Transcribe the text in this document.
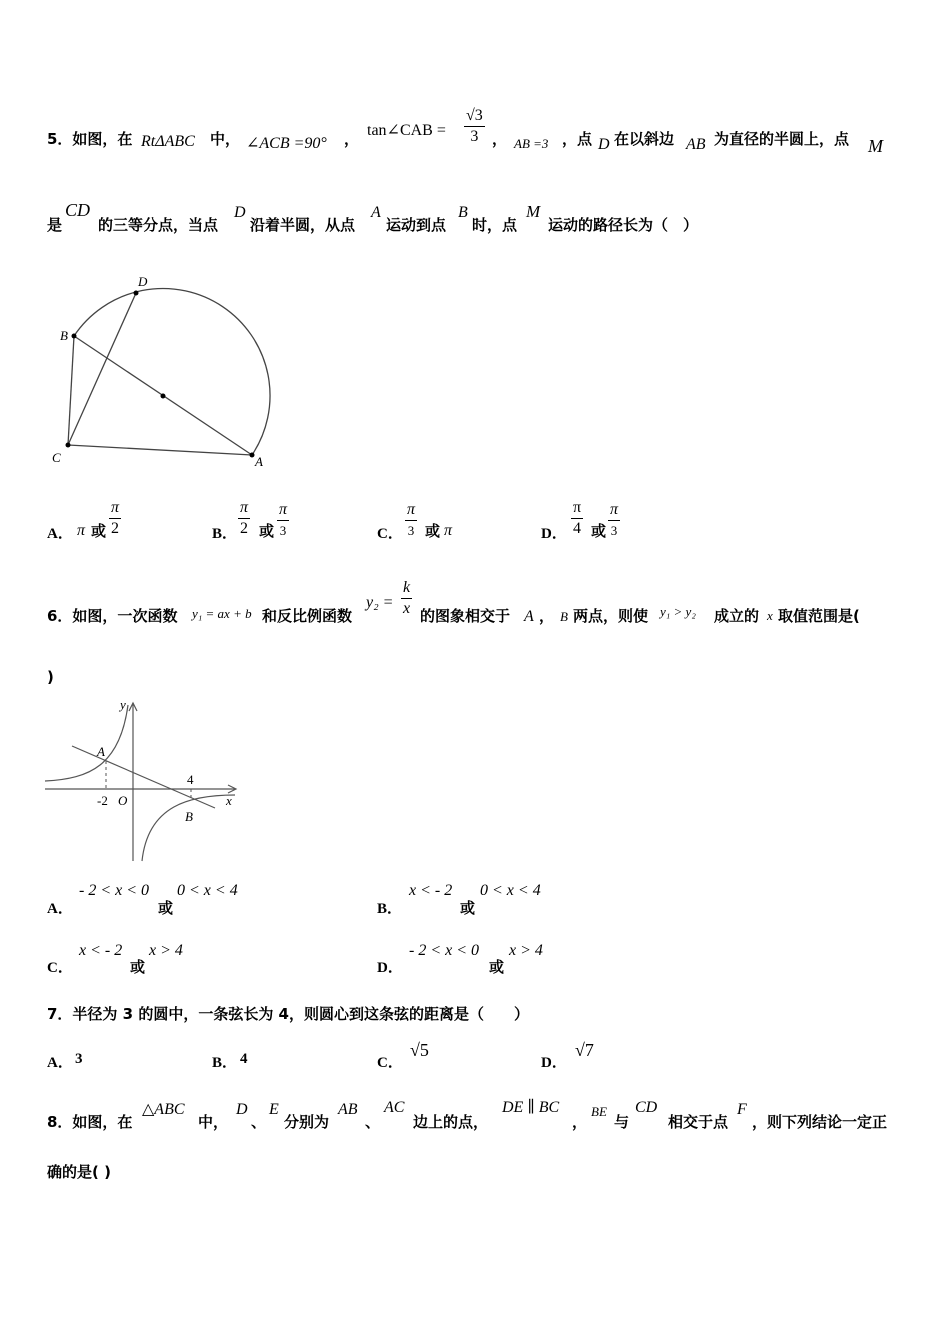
5．如图，在 RtΔABC 中， ∠ACB =90° ， tan∠CAB = $\frac{√3}{3}$ ， AB =3 ，点 D 在以斜边 AB 为直径的半圆上，点 M
是
CD
的三等分点，当点
D
沿着半圆，从点
A
运动到点
B
时，点
M
运动的路径长为（　）
D
B
C	A
A． π 或 $\frac{\pi}{2}$	B． $\frac{\pi}{2}$ 或
π
3	C．
π
3 或 π	D． $\frac{\pi}{4}$ 或
π
3
6．如图，一次函数 y₁ = ax + b 和反比例函数
$y_2 = \frac{k}{x}$ 的图象相交于 A ， B 两点，则使 y₁ > y₂ 成立的 x 取值范围是(
)
y
x
A
B
O
-2
4
A．
- 2 < x < 0
或
0 < x < 4
B．
x < - 2
或
0 < x < 4
C．
x < - 2
或
x > 4
D．
- 2 < x < 0
或
x > 4
7．半径为 3 的圆中，一条弦长为 4，则圆心到这条弦的距离是（　　）
A． 3	B． 4	C．
√5
D．
√7
8．如图，在
△ABC
中，
D
、
E
分别为
AB
、
AC
边上的点，
DE ∥ BC
，
BE
与
CD
相交于点
F
，则下列结论一定正
确的是( )
